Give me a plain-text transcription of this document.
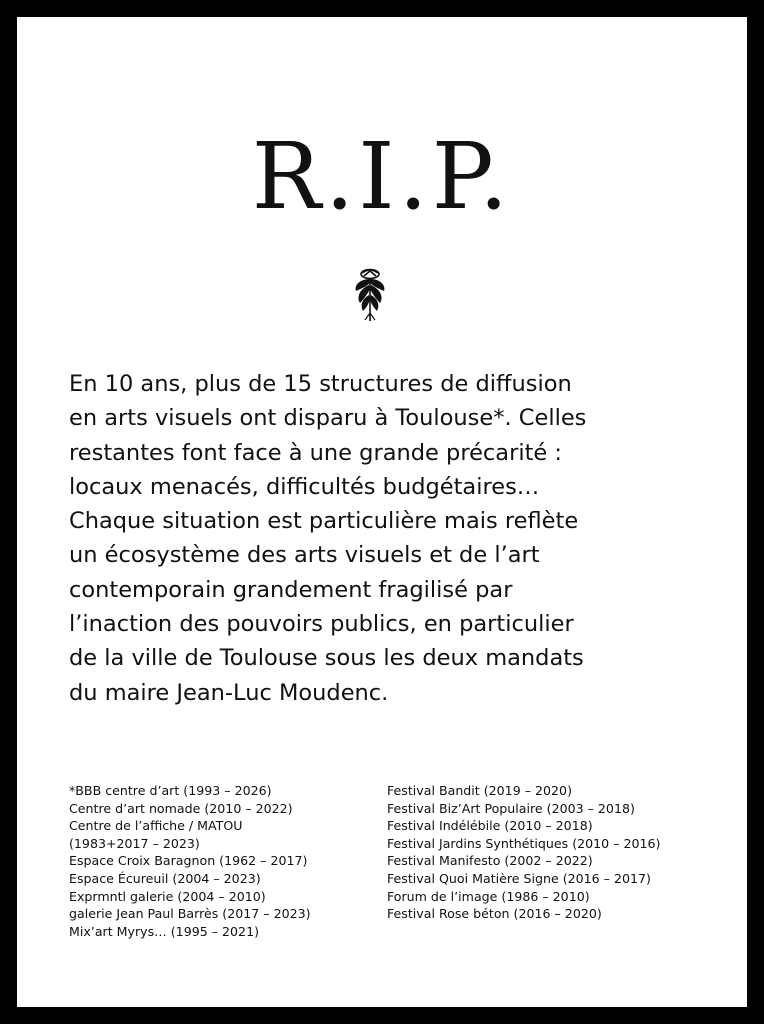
R.I.P.

En 10 ans, plus de 15 structures de diffusion
en arts visuels ont disparu à Toulouse*. Celles
restantes font face à une grande précarité :
locaux menacés, difficultés budgétaires…
Chaque situation est particulière mais reflète
un écosystème des arts visuels et de l’art
contemporain grandement fragilisé par
l’inaction des pouvoirs publics, en particulier
de la ville de Toulouse sous les deux mandats
du maire Jean-Luc Moudenc.

*BBB centre d’art (1993 – 2026)
Centre d’art nomade (2010 – 2022)
Centre de l’affiche / MATOU
(1983+2017 – 2023)
Espace Croix Baragnon (1962 – 2017)
Espace Écureuil (2004 – 2023)
Exprmntl galerie (2004 – 2010)
galerie Jean Paul Barrès (2017 – 2023)
Mix’art Myrys… (1995 – 2021)
Festival Bandit (2019 – 2020)
Festival Biz’Art Populaire (2003 – 2018)
Festival Indélébile (2010 – 2018)
Festival Jardins Synthétiques (2010 – 2016)
Festival Manifesto (2002 – 2022)
Festival Quoi Matière Signe (2016 – 2017)
Forum de l’image (1986 – 2010)
Festival Rose béton (2016 – 2020)
